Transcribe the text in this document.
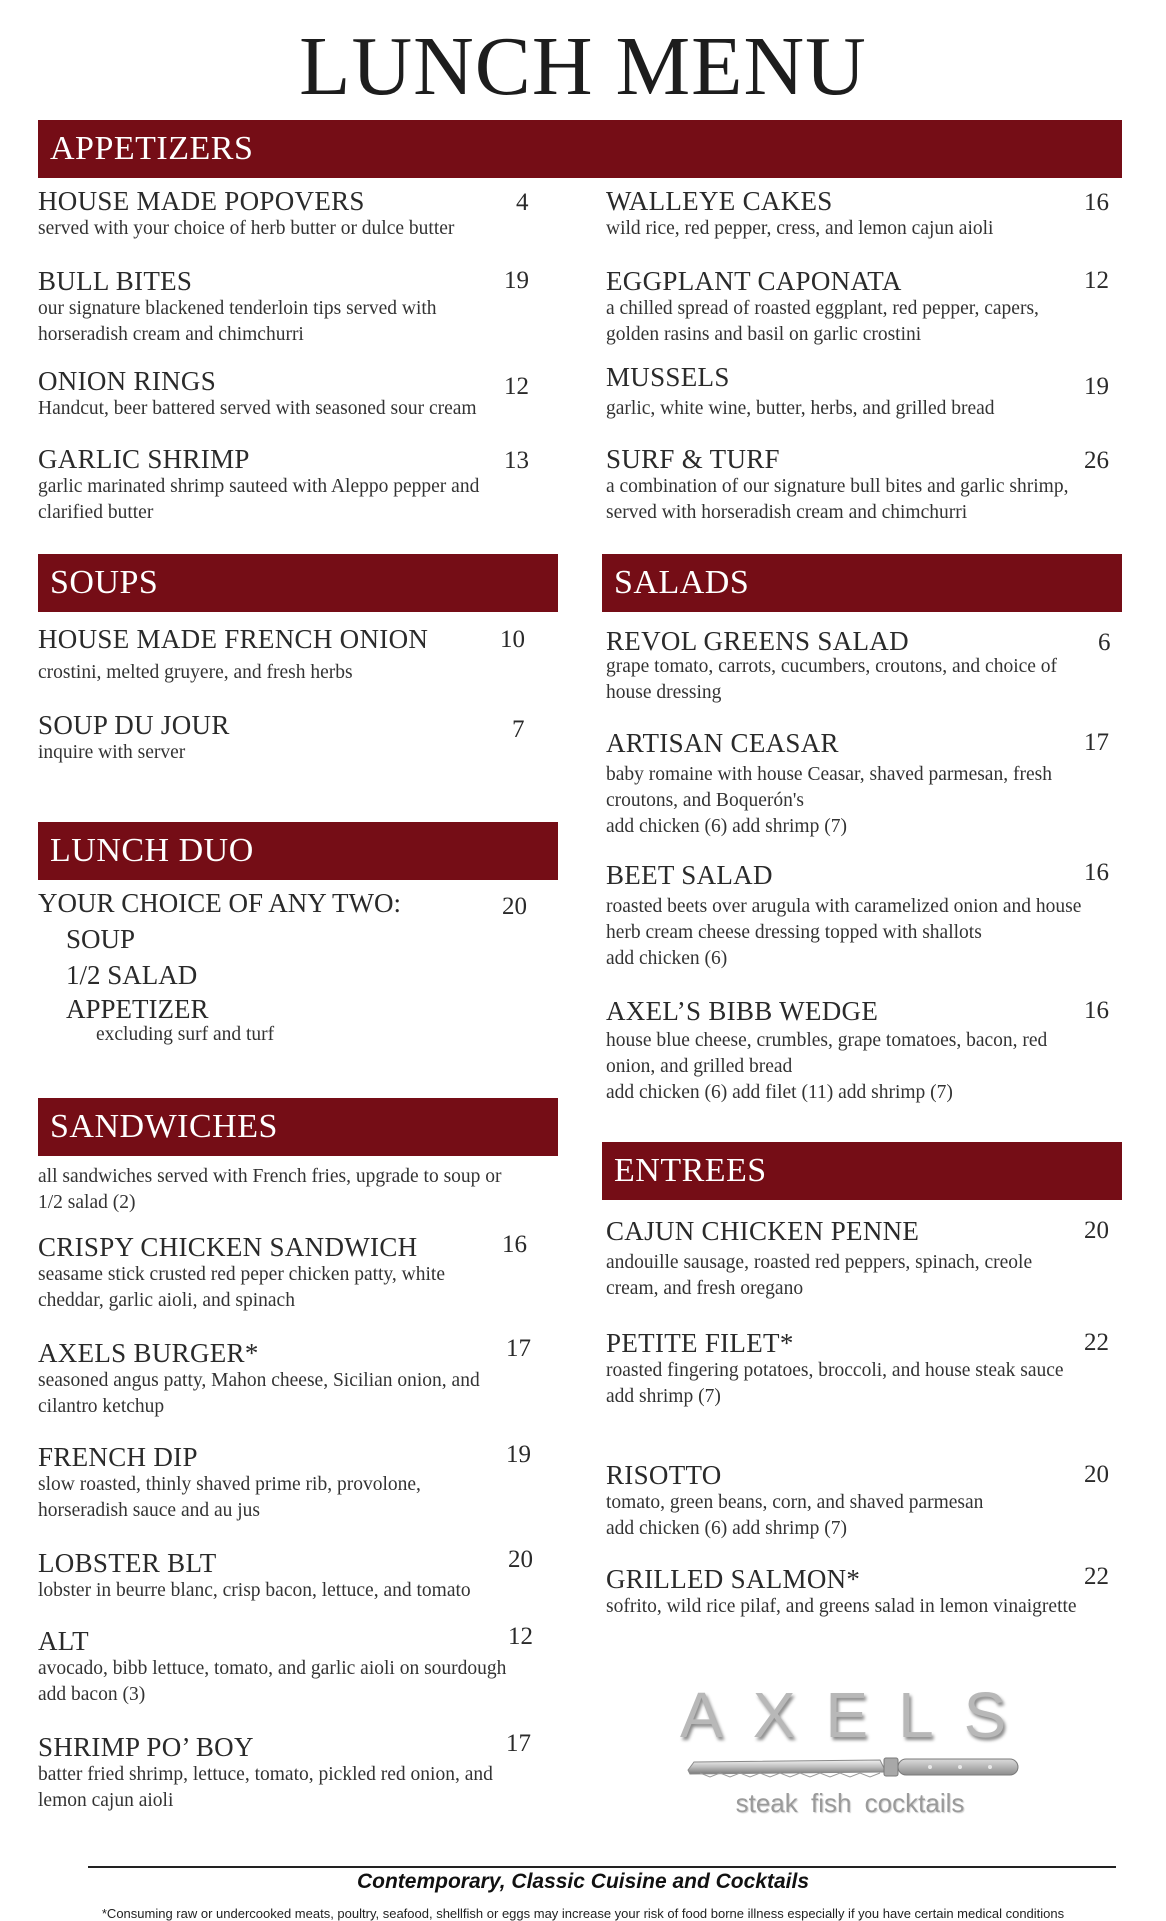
LUNCH MENU
APPETIZERS
HOUSE MADE POPOVERS
served with your choice of herb butter or dulce butter
4
BULL BITES
our signature blackened tenderloin tips served with horseradish cream and chimchurri
19
ONION RINGS
Handcut, beer battered served with seasoned sour cream
12
GARLIC SHRIMP
garlic marinated shrimp sauteed with Aleppo pepper and clarified butter
13
WALLEYE CAKES
wild rice, red pepper, cress, and lemon cajun aioli
16
EGGPLANT CAPONATA
a chilled spread of roasted eggplant, red pepper, capers, golden rasins and basil on garlic crostini
12
MUSSELS
garlic, white wine, butter, herbs, and grilled bread
19
SURF & TURF
a combination of our signature bull bites and garlic shrimp, served with horseradish cream and chimchurri
26
SOUPS
HOUSE MADE FRENCH ONION
crostini, melted gruyere, and fresh herbs
10
SOUP DU JOUR
inquire with server
7
LUNCH DUO
YOUR CHOICE OF ANY TWO:	20
SOUP
1/2 SALAD
APPETIZER
excluding surf and turf
SANDWICHES
all sandwiches served with French fries, upgrade to soup or 1/2 salad (2)
CRISPY CHICKEN SANDWICH
seasame stick crusted red peper chicken patty, white cheddar, garlic aioli, and spinach
16
AXELS BURGER*
seasoned angus patty, Mahon cheese, Sicilian onion, and cilantro ketchup
17
FRENCH DIP
slow roasted, thinly shaved prime rib, provolone, horseradish sauce and au jus
19
LOBSTER BLT
lobster in beurre blanc, crisp bacon, lettuce, and tomato
20
ALT
avocado, bibb lettuce, tomato, and garlic aioli on sourdough
add bacon (3)
12
SHRIMP PO’ BOY
batter fried shrimp, lettuce, tomato, pickled red onion, and lemon cajun aioli
17
SALADS
REVOL GREENS SALAD
grape tomato, carrots, cucumbers, croutons, and choice of house dressing
6
ARTISAN CEASAR
baby romaine with house Ceasar, shaved parmesan, fresh croutons, and Boquerón's
add chicken (6) add shrimp (7)
17
BEET SALAD
roasted beets over arugula with caramelized onion and house herb cream cheese dressing topped with shallots
add chicken (6)
16
AXEL’S BIBB WEDGE
house blue cheese, crumbles, grape tomatoes, bacon, red onion, and grilled bread
add chicken (6) add filet (11) add shrimp (7)
16
ENTREES
CAJUN CHICKEN PENNE
andouille sausage, roasted red peppers, spinach, creole cream, and fresh oregano
20
PETITE FILET*
roasted fingering potatoes, broccoli, and house steak sauce
add shrimp (7)
22
RISOTTO
tomato, green beans, corn, and shaved parmesan
add chicken (6) add shrimp (7)
20
GRILLED SALMON*
sofrito, wild rice pilaf, and greens salad in lemon vinaigrette
22
AXELS
steak fish cocktails
Contemporary, Classic Cuisine and Cocktails
*Consuming raw or undercooked meats, poultry, seafood, shellfish or eggs may increase your risk of food borne illness especially if you have certain medical conditions
